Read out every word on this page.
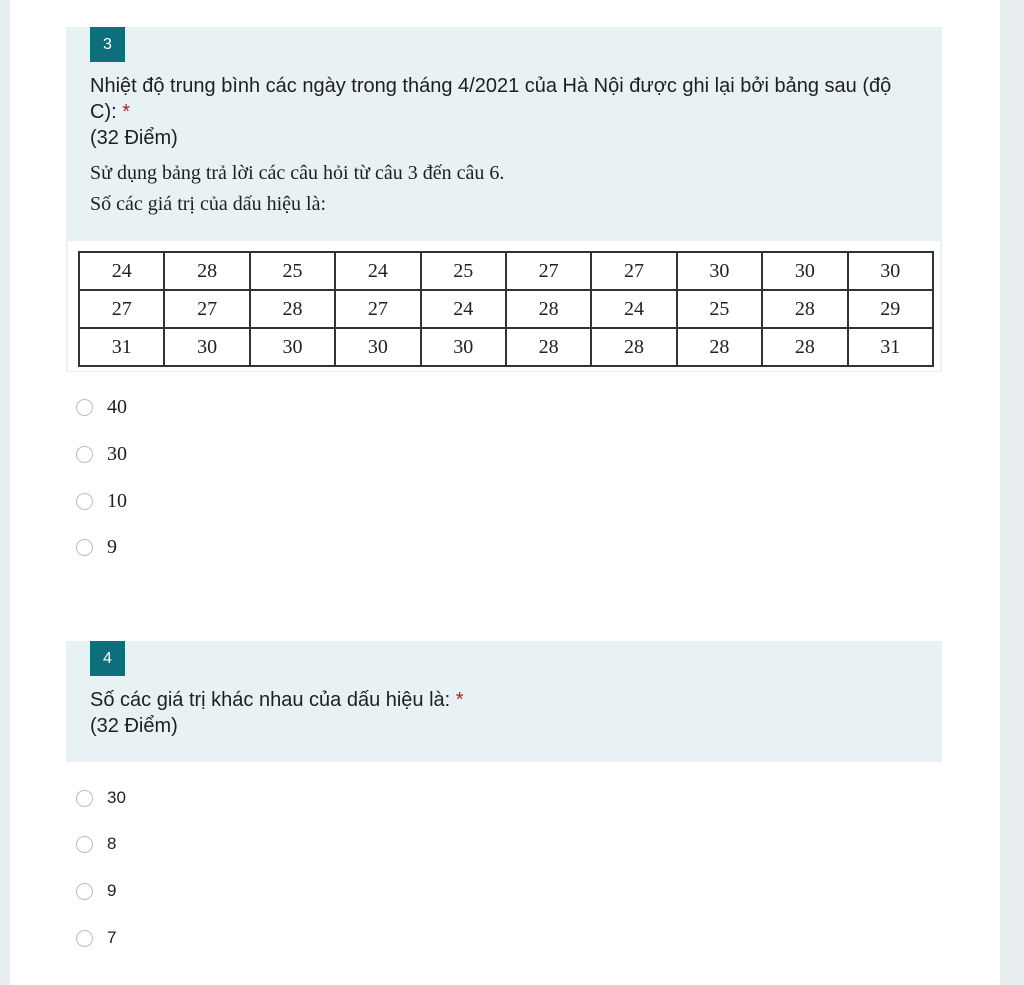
3
Nhiệt độ trung bình các ngày trong tháng 4/2021 của Hà Nội được ghi lại bởi bảng sau (độ C): *
(32 Điểm)
Sử dụng bảng trả lời các câu hỏi từ câu 3 đến câu 6.
Số các giá trị của dấu hiệu là:
24	28	25	24	25	27	27	30	30	30
27	27	28	27	24	28	24	25	28	29
31	30	30	30	30	28	28	28	28	31
40
30
10
9
4
Số các giá trị khác nhau của dấu hiệu là: *
(32 Điểm)
30
8
9
7
